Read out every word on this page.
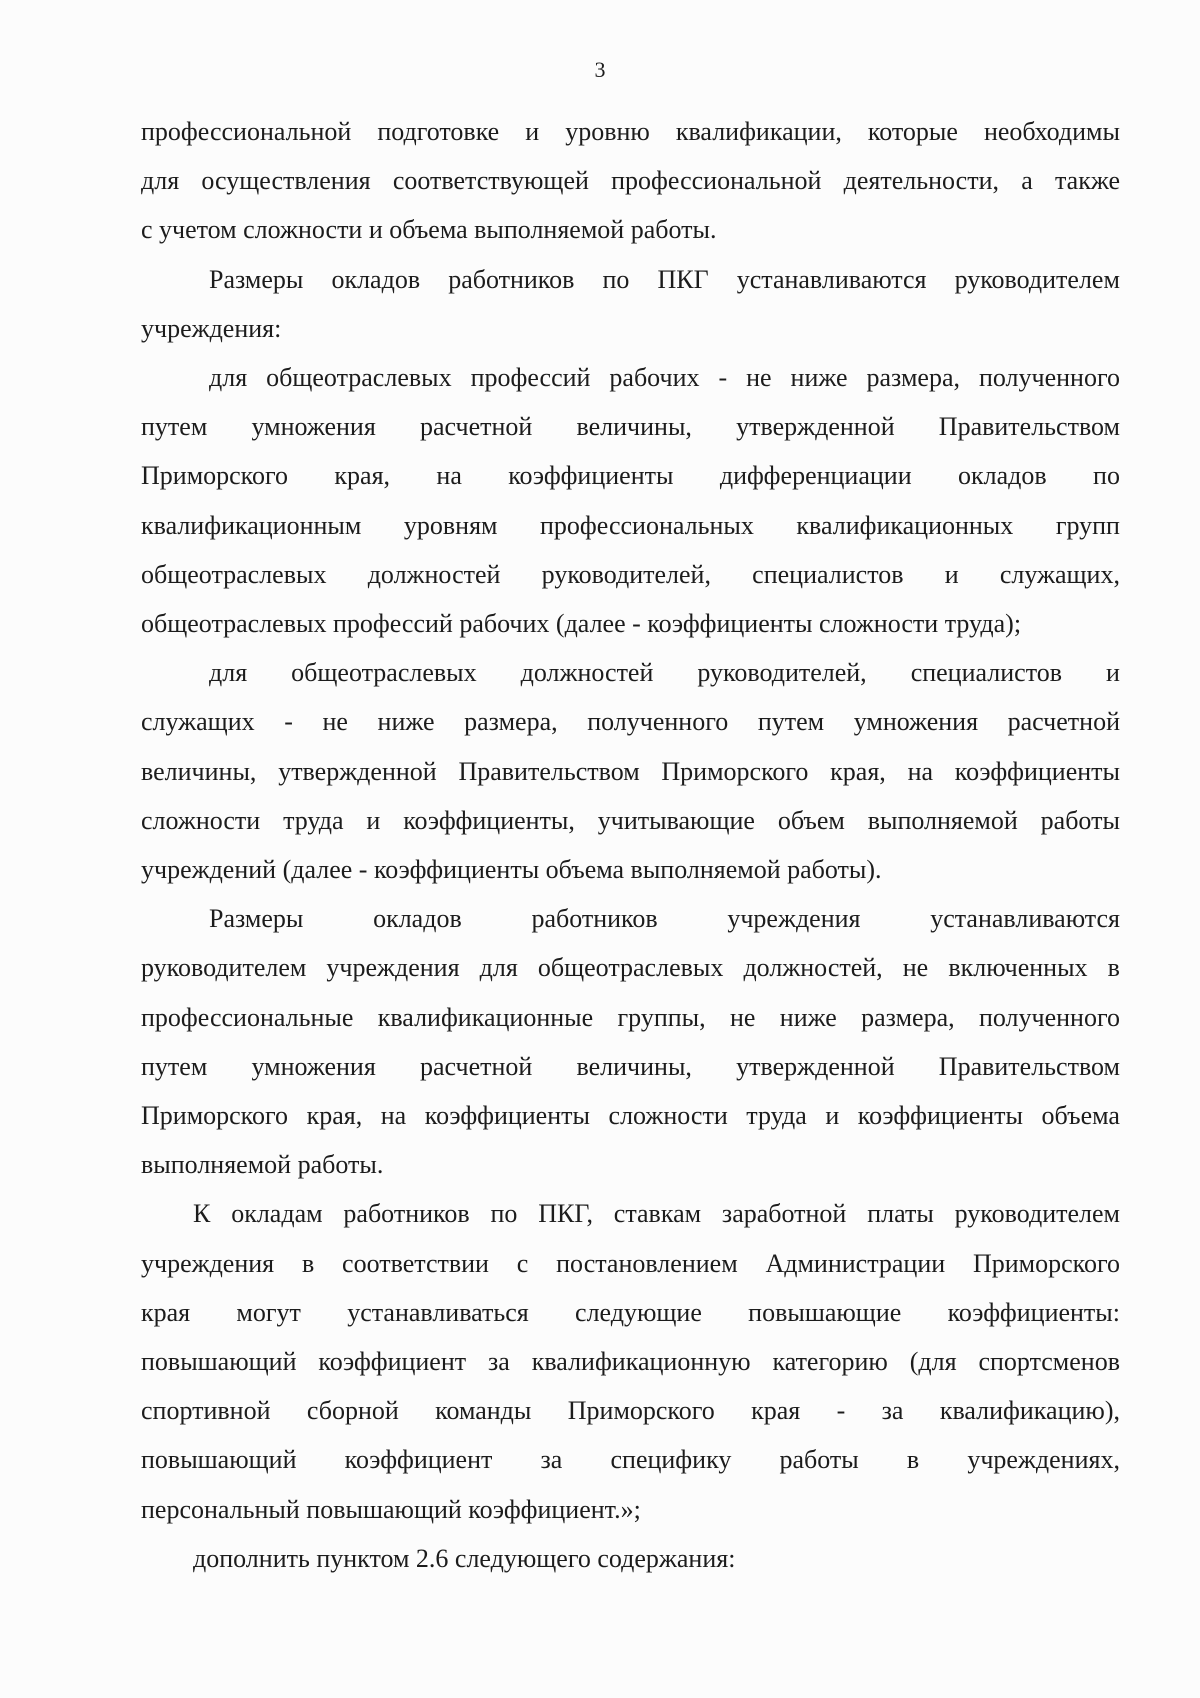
3

профессиональной подготовке и уровню квалификации, которые необходимы
для осуществления соответствующей профессиональной деятельности, а также
с учетом сложности и объема выполняемой работы.

Размеры окладов работников по ПКГ устанавливаются руководителем
учреждения:

для общеотраслевых профессий рабочих - не ниже размера, полученного
путем умножения расчетной величины, утвержденной Правительством
Приморского края, на коэффициенты дифференциации окладов по
квалификационным уровням профессиональных квалификационных групп
общеотраслевых должностей руководителей, специалистов и служащих,
общеотраслевых профессий рабочих (далее - коэффициенты сложности труда);

для общеотраслевых должностей руководителей, специалистов и
служащих - не ниже размера, полученного путем умножения расчетной
величины, утвержденной Правительством Приморского края, на коэффициенты
сложности труда и коэффициенты, учитывающие объем выполняемой работы
учреждений (далее - коэффициенты объема выполняемой работы).

Размеры	окладов	работников	учреждения	устанавливаются
руководителем учреждения для общеотраслевых должностей, не включенных в
профессиональные квалификационные группы, не ниже размера, полученного
путем умножения расчетной величины, утвержденной Правительством
Приморского края, на коэффициенты сложности труда и коэффициенты объема
выполняемой работы.

К окладам работников по ПКГ, ставкам заработной платы руководителем
учреждения в соответствии с постановлением Администрации Приморского
края могут устанавливаться следующие повышающие коэффициенты:
повышающий коэффициент за квалификационную категорию (для спортсменов
спортивной сборной команды Приморского края - за квалификацию),
повышающий коэффициент за специфику работы в учреждениях,
персональный повышающий коэффициент.»;

дополнить пунктом 2.6 следующего содержания:
